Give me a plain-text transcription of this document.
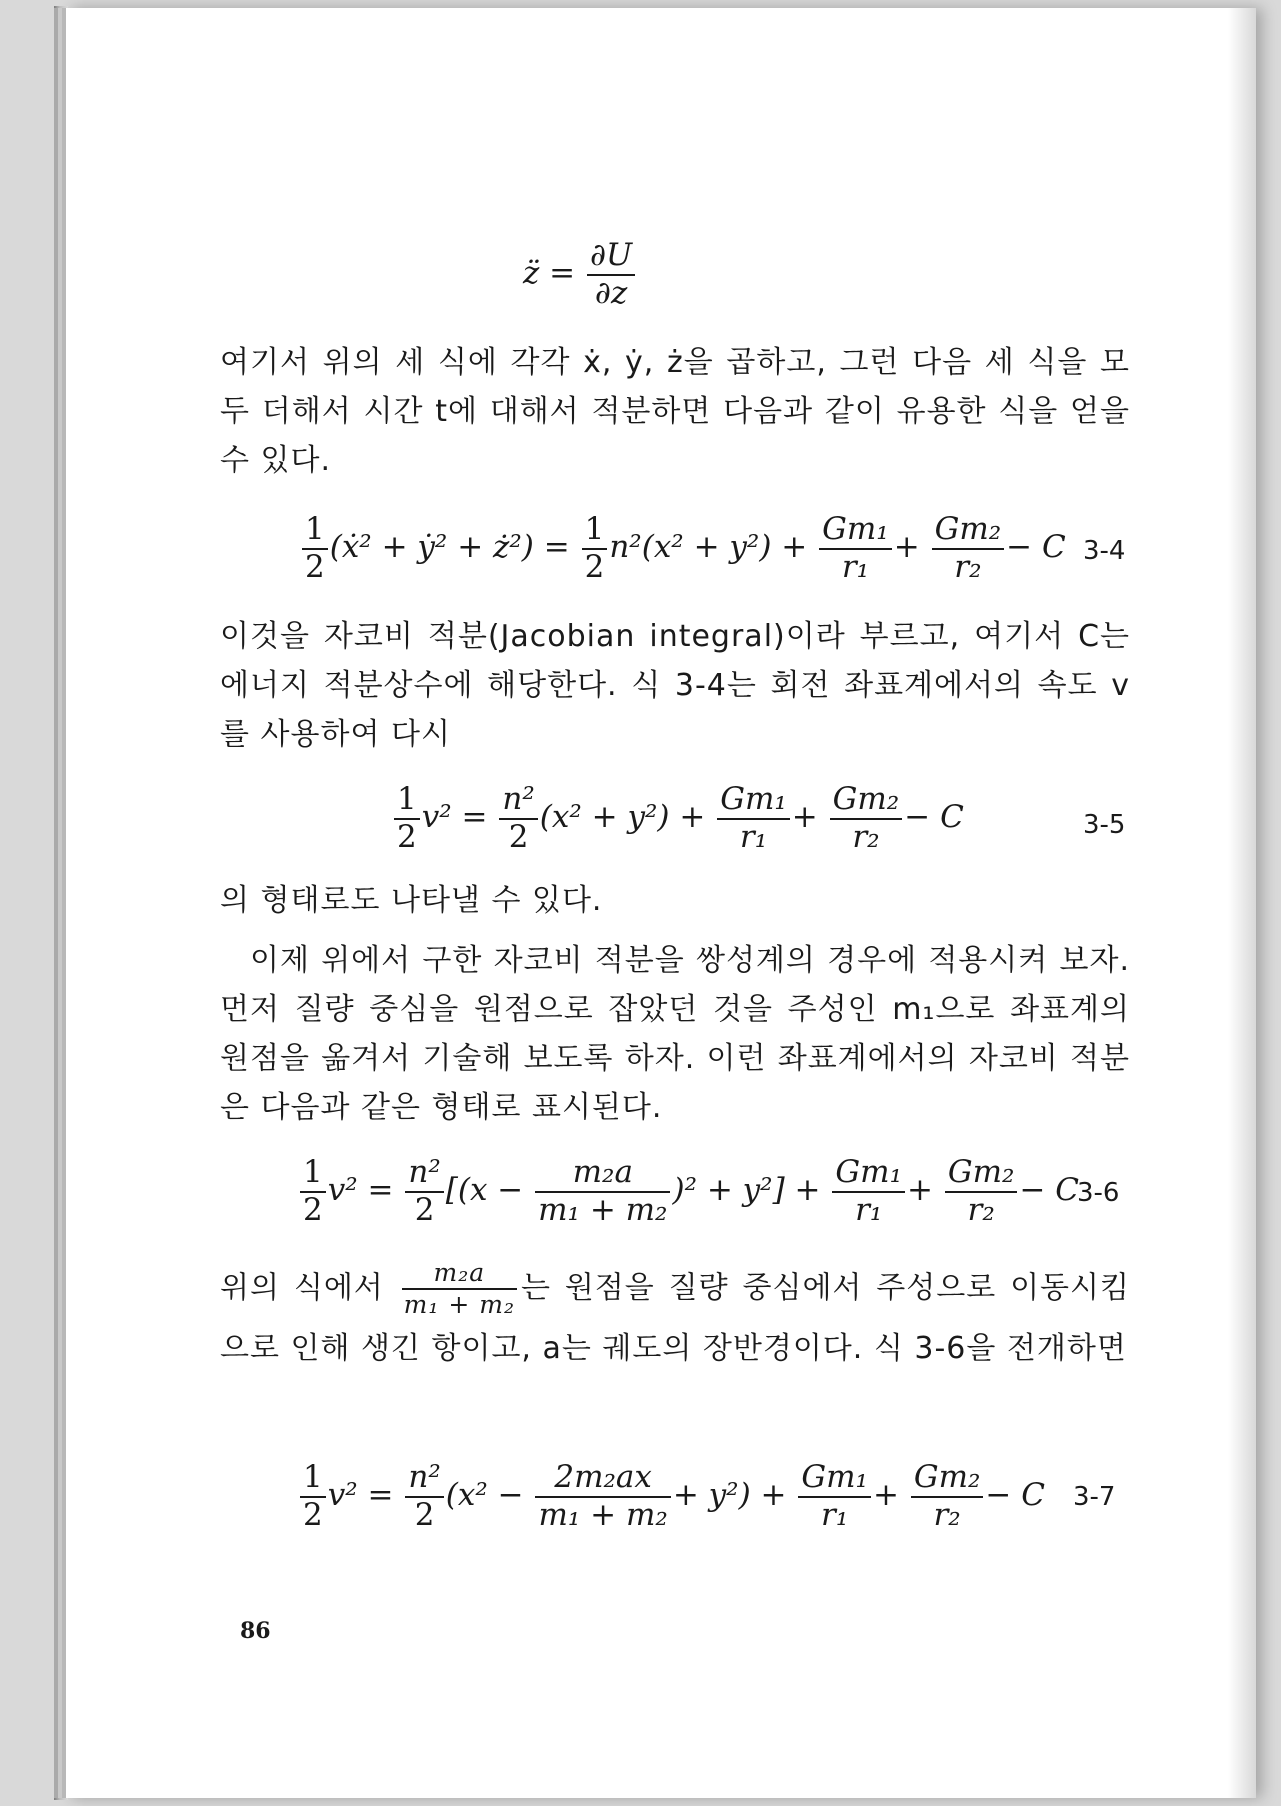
z̈ = $\frac{\partial U}{\partial z}$
여기서 위의 세 식에 각각 ẋ, ẏ, ż을 곱하고, 그런 다음 세 식을 모두 더해서 시간 t에 대해서 적분하면 다음과 같이 유용한 식을 얻을 수 있다.
$\frac{1}{2}$ (ẋ² + ẏ² + ż²) = $\frac{1}{2} n^2(x^2 + y^2) + \frac{\text{Gm₁}}{\text{r₁}} + \frac{\text{Gm₂}}{\text{r₂}} - C$ 3-4
이것을 자코비 적분(Jacobian integral)이라 부르고, 여기서 C는 에너지 적분상수에 해당한다. 식 3-4는 회전 좌표계에서의 속도 v를 사용하여 다시
$\frac{1}{2} v^2 = \frac{\text{n²}}{2} (x^2 + y^2) + \frac{\text{Gm₁}}{\text{r₁}} + \frac{\text{Gm₂}}{\text{r₂}} - C$	3-5
의 형태로도 나타낼 수 있다.
이제 위에서 구한 자코비 적분을 쌍성계의 경우에 적용시켜 보자. 먼저 질량 중심을 원점으로 잡았던 것을 주성인 m₁으로 좌표계의 원점을 옮겨서 기술해 보도록 하자. 이런 좌표계에서의 자코비 적분은 다음과 같은 형태로 표시된다.
$\frac{1}{2} v^2 = \frac{\text{n²}}{2} [(x - \frac{\text{m₂a}}{\text{m₁ + m₂}} )^2 + y^2] + \frac{\text{Gm₁}}{\text{r₁}} + \frac{\text{Gm₂}}{\text{r₂}} - C$
3-6
위의 식에서 $\frac{\text{m₂a}}{\text{m₁ + m₂}}$ 는 원점을 질량 중심에서 주성으로 이동시킴으로 인해 생긴 항이고, a는 궤도의 장반경이다. 식 3-6을 전개하면
$\frac{1}{2} v^2 = \frac{\text{n²}}{2} (x^2 - \frac{\text{2m₂ax}}{\text{m₁ + m₂}} + y^2) + \frac{\text{Gm₁}}{\text{r₁}} + \frac{\text{Gm₂}}{\text{r₂}} - C$ 3-7
86
